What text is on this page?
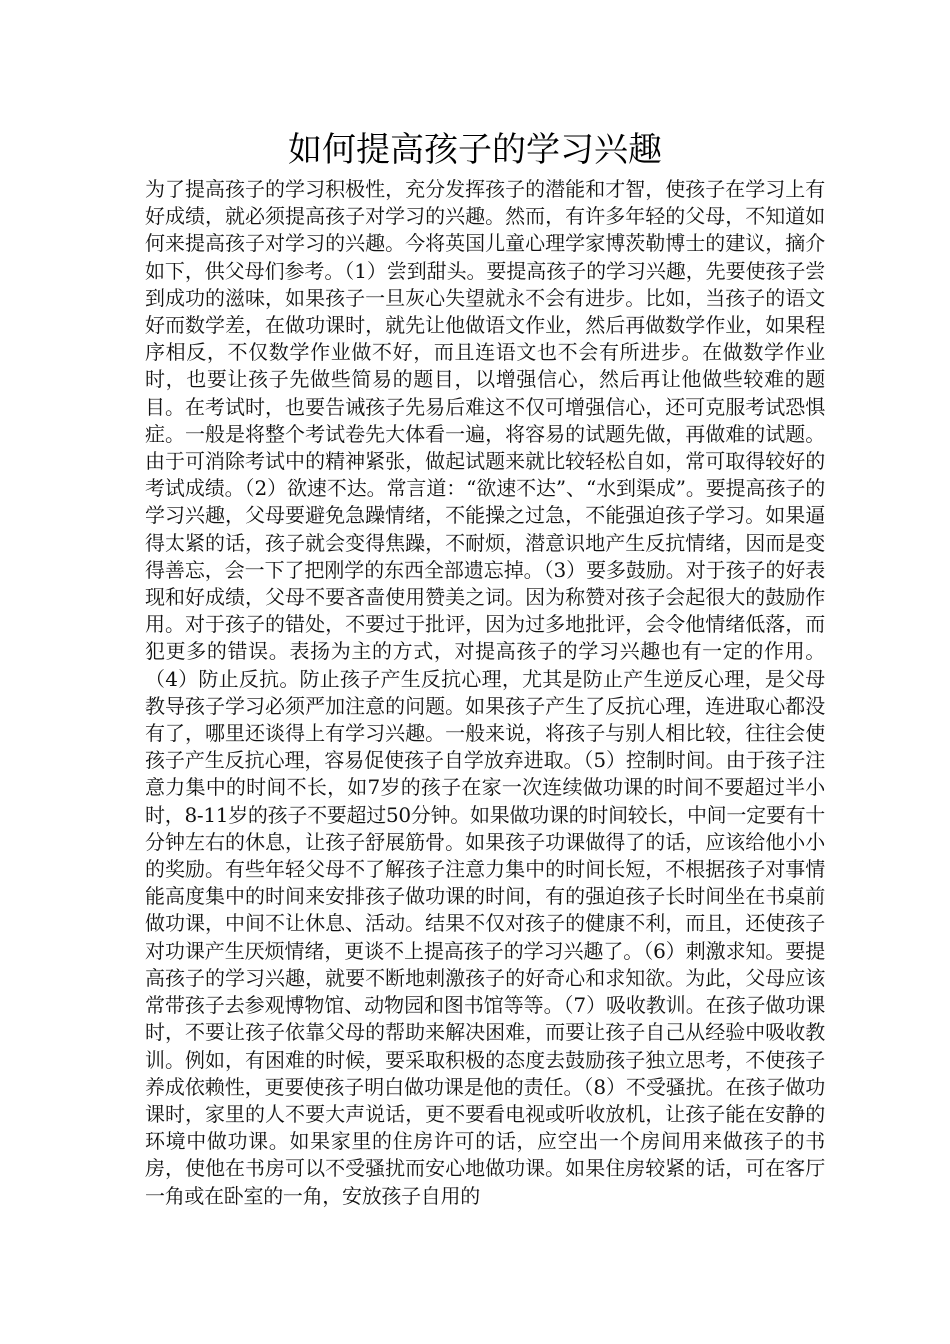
如何提高孩子的学习兴趣

为了提高孩子的学习积极性，充分发挥孩子的潜能和才智，使孩子在学习上有好成绩，就必须提高孩子对学习的兴趣。然而，有许多年轻的父母，不知道如何来提高孩子对学习的兴趣。今将英国儿童心理学家博茨勒博士的建议，摘介如下，供父母们参考。（1）尝到甜头。要提高孩子的学习兴趣，先要使孩子尝到成功的滋味，如果孩子一旦灰心失望就永不会有进步。比如，当孩子的语文好而数学差，在做功课时，就先让他做语文作业，然后再做数学作业，如果程序相反，不仅数学作业做不好，而且连语文也不会有所进步。在做数学作业时，也要让孩子先做些简易的题目，以增强信心，然后再让他做些较难的题目。在考试时，也要告诫孩子先易后难这不仅可增强信心，还可克服考试恐惧症。一般是将整个考试卷先大体看一遍，将容易的试题先做，再做难的试题。由于可消除考试中的精神紧张，做起试题来就比较轻松自如，常可取得较好的考试成绩。（2）欲速不达。常言道：“欲速不达”、“水到渠成”。要提高孩子的学习兴趣，父母要避免急躁情绪，不能操之过急，不能强迫孩子学习。如果逼得太紧的话，孩子就会变得焦躁，不耐烦，潜意识地产生反抗情绪，因而是变得善忘，会一下了把刚学的东西全部遗忘掉。（3）要多鼓励。对于孩子的好表现和好成绩，父母不要吝啬使用赞美之词。因为称赞对孩子会起很大的鼓励作用。对于孩子的错处，不要过于批评，因为过多地批评，会令他情绪低落，而犯更多的错误。表扬为主的方式，对提高孩子的学习兴趣也有一定的作用。（4）防止反抗。防止孩子产生反抗心理，尤其是防止产生逆反心理，是父母教导孩子学习必须严加注意的问题。如果孩子产生了反抗心理，连进取心都没有了，哪里还谈得上有学习兴趣。一般来说，将孩子与别人相比较，往往会使孩子产生反抗心理，容易促使孩子自学放弃进取。（5）控制时间。由于孩子注意力集中的时间不长，如7岁的孩子在家一次连续做功课的时间不要超过半小时，8-11岁的孩子不要超过50分钟。如果做功课的时间较长，中间一定要有十分钟左右的休息，让孩子舒展筋骨。如果孩子功课做得了的话，应该给他小小的奖励。有些年轻父母不了解孩子注意力集中的时间长短，不根据孩子对事情能高度集中的时间来安排孩子做功课的时间，有的强迫孩子长时间坐在书桌前做功课，中间不让休息、活动。结果不仅对孩子的健康不利，而且，还使孩子对功课产生厌烦情绪，更谈不上提高孩子的学习兴趣了。（6）刺激求知。要提高孩子的学习兴趣，就要不断地刺激孩子的好奇心和求知欲。为此，父母应该常带孩子去参观博物馆、动物园和图书馆等等。（7）吸收教训。在孩子做功课时，不要让孩子依靠父母的帮助来解决困难，而要让孩子自己从经验中吸收教训。例如，有困难的时候，要采取积极的态度去鼓励孩子独立思考，不使孩子养成依赖性，更要使孩子明白做功课是他的责任。（8）不受骚扰。在孩子做功课时，家里的人不要大声说话，更不要看电视或听收放机，让孩子能在安静的环境中做功课。如果家里的住房许可的话，应空出一个房间用来做孩子的书房，使他在书房可以不受骚扰而安心地做功课。如果住房较紧的话，可在客厅一角或在卧室的一角，安放孩子自用的
